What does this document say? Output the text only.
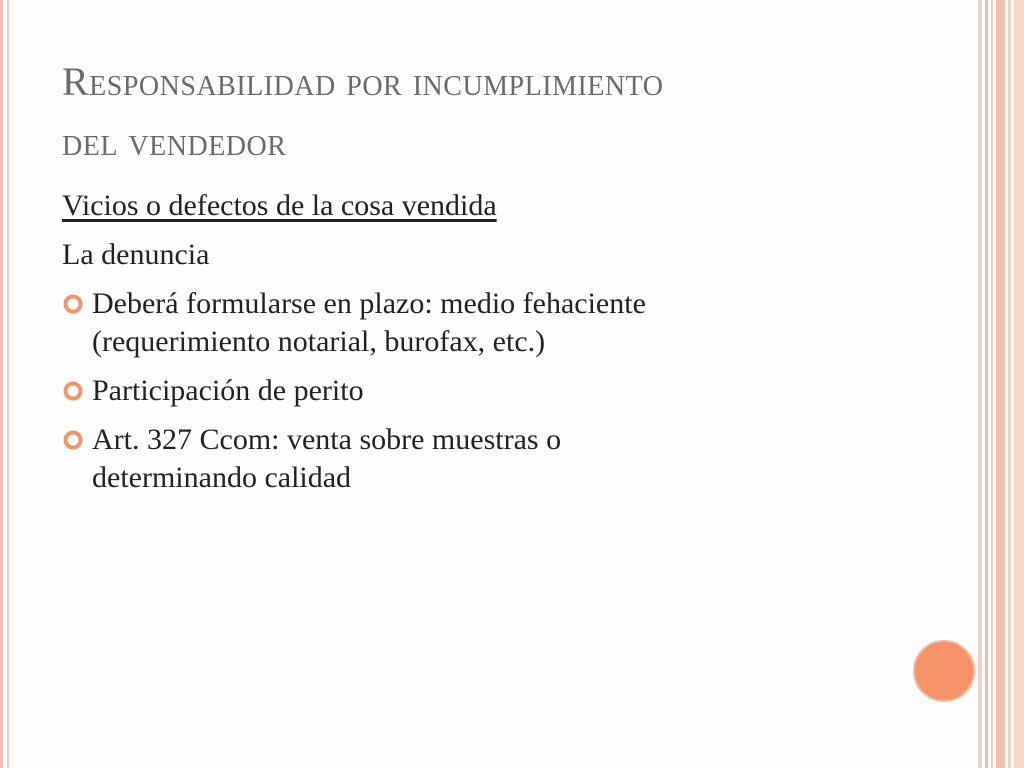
Responsabilidad por incumplimiento
del vendedor
Vicios o defectos de la cosa vendida
La denuncia
Deberá formularse en plazo: medio fehaciente
(requerimiento notarial, burofax, etc.)
Participación de perito
Art. 327 Ccom: venta sobre muestras o
determinando calidad
